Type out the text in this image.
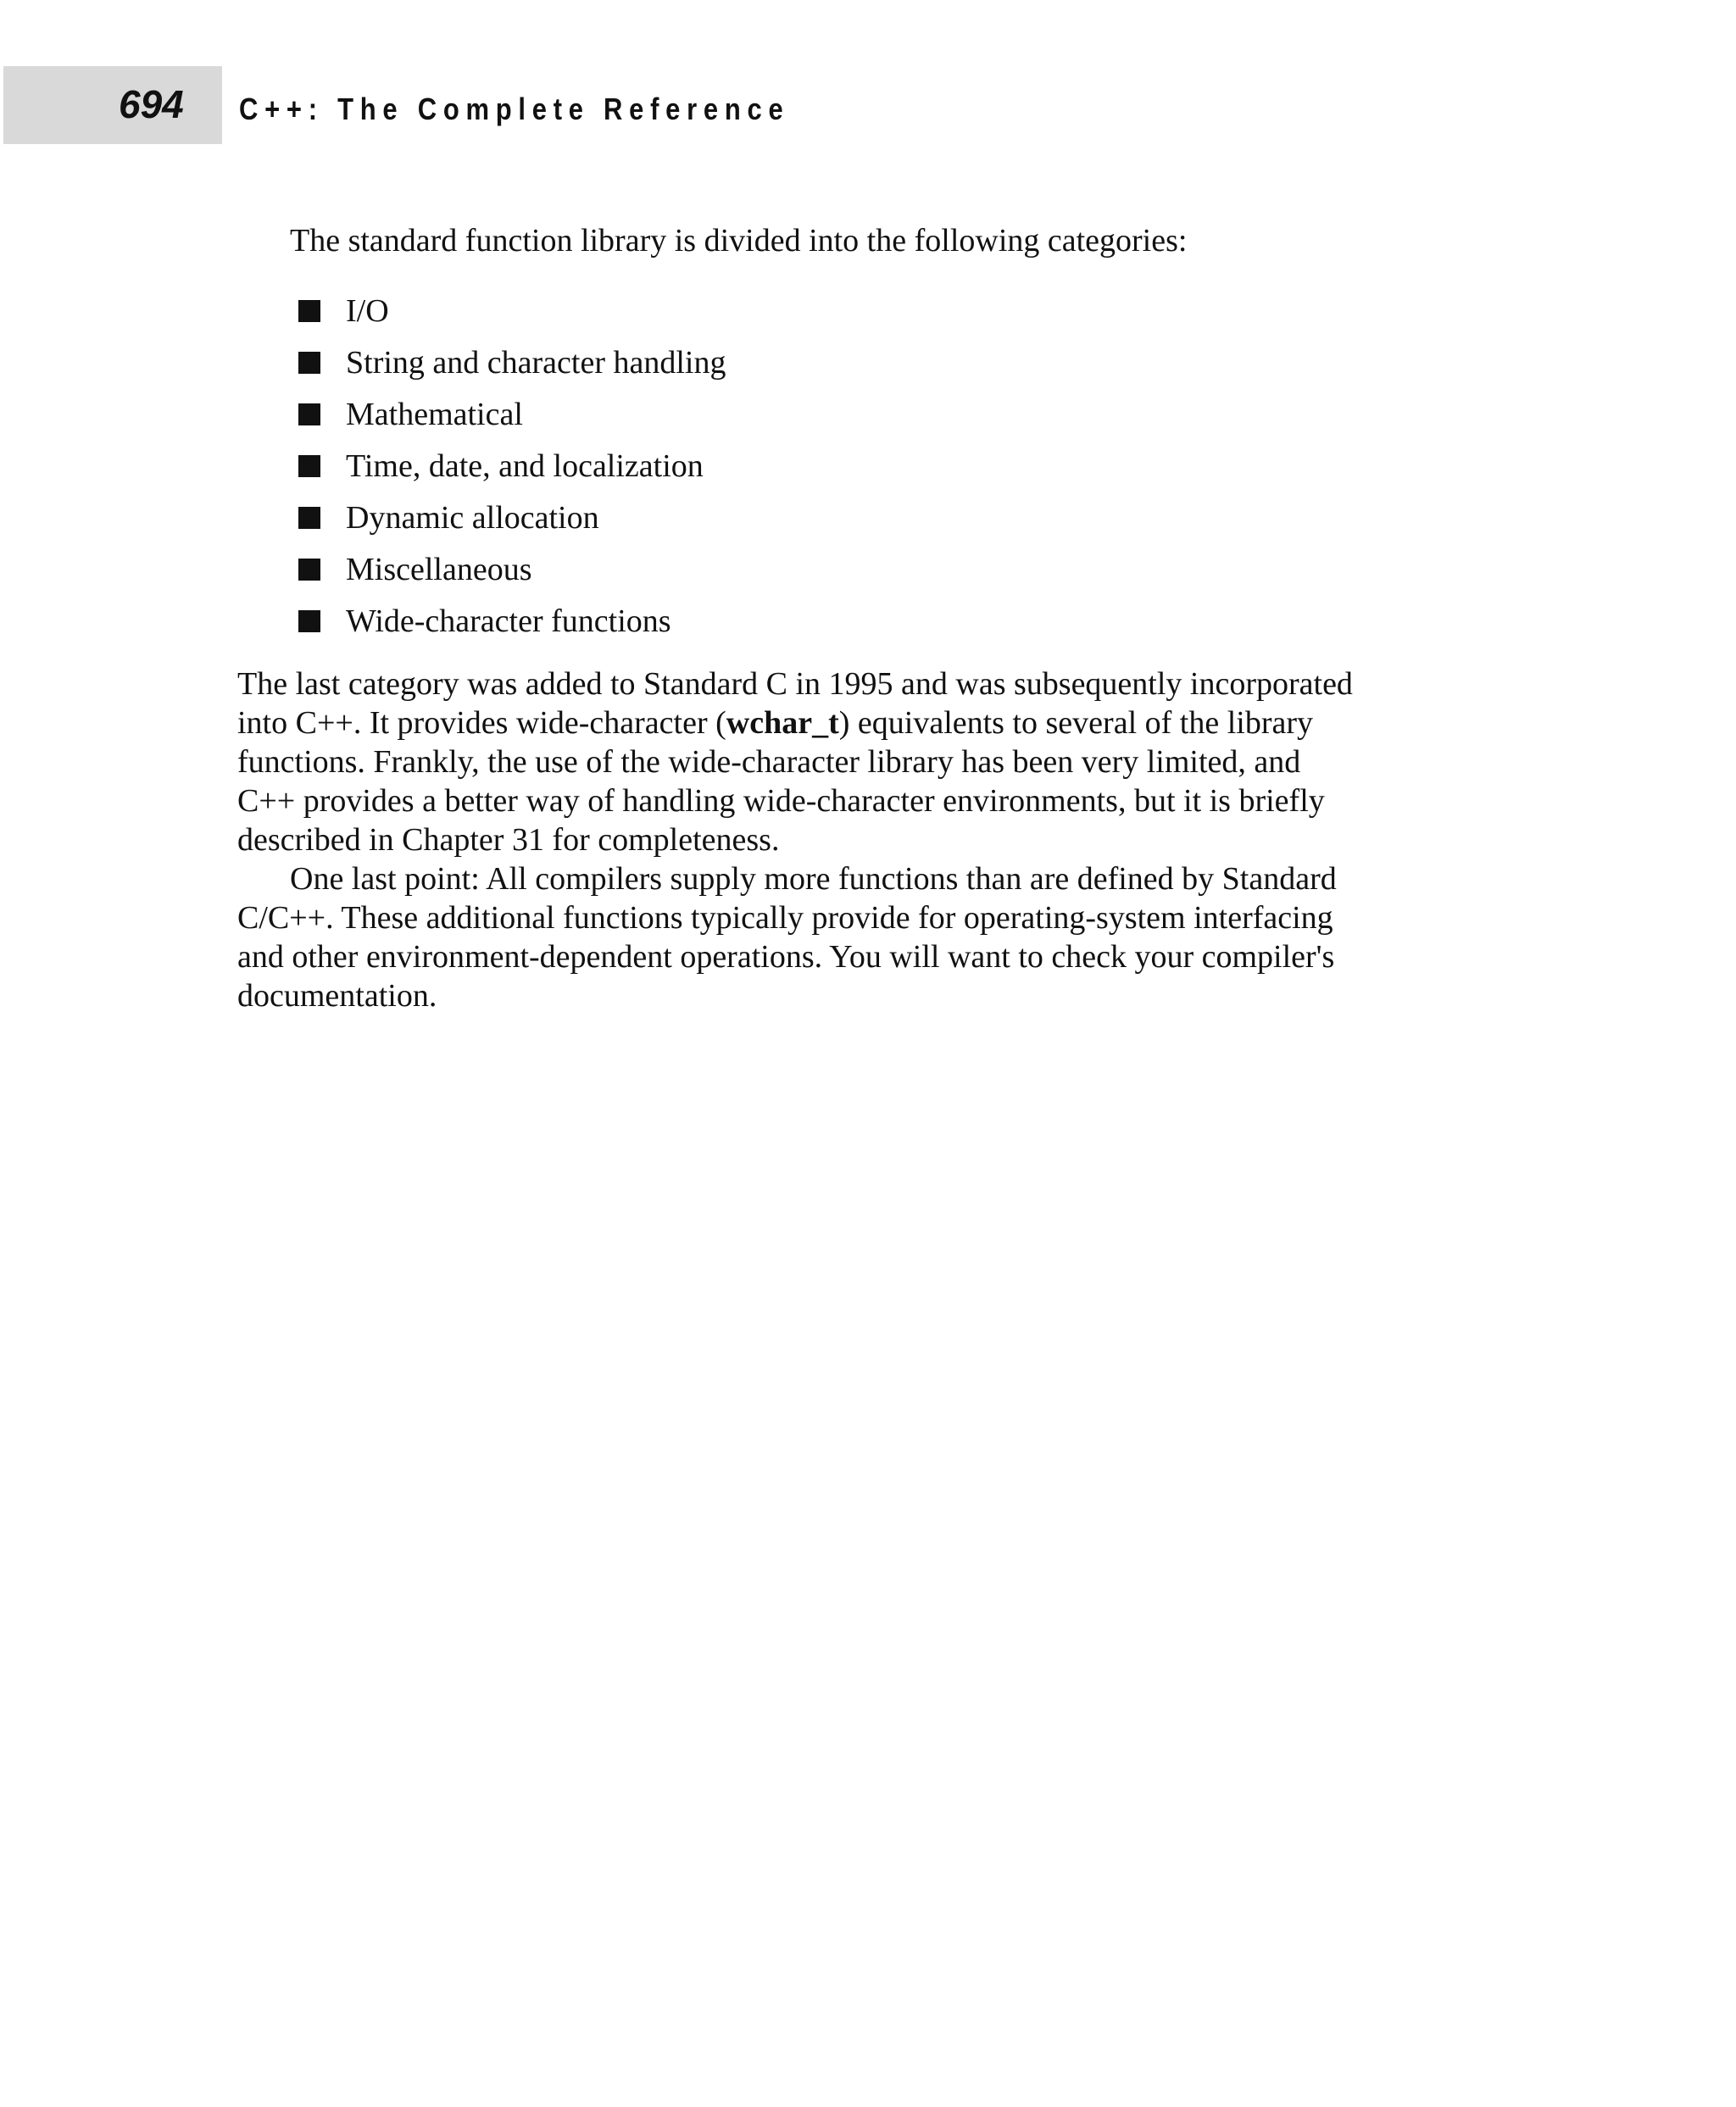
694 C++: The Complete Reference
The standard function library is divided into the following categories:
I/O
String and character handling
Mathematical
Time, date, and localization
Dynamic allocation
Miscellaneous
Wide-character functions
The last category was added to Standard C in 1995 and was subsequently incorporated
into C++. It provides wide-character (wchar_t) equivalents to several of the library
functions. Frankly, the use of the wide-character library has been very limited, and
C++ provides a better way of handling wide-character environments, but it is briefly
described in Chapter 31 for completeness.
One last point: All compilers supply more functions than are defined by Standard
C/C++. These additional functions typically provide for operating-system interfacing
and other environment-dependent operations. You will want to check your compiler's
documentation.
